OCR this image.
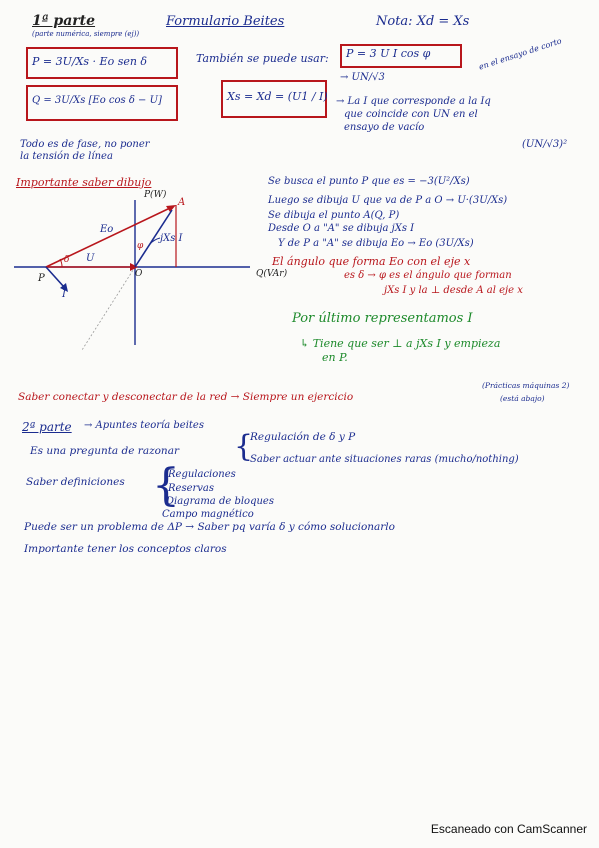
1ª parte
(parte numérica, siempre (ej))
Formulario Beites	Nota: Xd = Xs
P = 3U/Xs · Eo sen δ	También se puede usar: P = 3 U I cos φ
→ UN/√3
en el ensayo de corto
Q = 3U/Xs [Eo cos δ − U]	Xs = Xd = (U1 / I) → La I que corresponde a la Iq
que coincide con UN en el
ensayo de vacío
Todo es de fase, no poner
la tensión de línea
(UN/√3)²
Importante saber dibujo	Se busca el punto P que es = −3(U²/Xs)
Luego se dibuja U que va de P a O → U·(3U/Xs)
Se dibuja el punto A(Q, P)
Desde O a "A" se dibuja jXs I
Y de P a "A" se dibuja Eo → Eo (3U/Xs)
El ángulo que forma Eo con el eje x
es δ → φ es el ángulo que forman
jXs I y la ⊥ desde A al eje x
P(W)
Q(VAr)
A
Eo
U
jXs I
φ
δ
P	O
I
Por último representamos I
↳ Tiene que ser ⊥ a jXs I y empieza
en P.
Saber conectar y desconectar de la red → Siempre un ejercicio
(Prácticas máquinas 2)
(está abajo)
2ª parte → Apuntes teoría beites
Es una pregunta de razonar {
Regulación de δ y P
Saber actuar ante situaciones raras (mucho/nothing)
Saber definiciones {
Regulaciones
Reservas
Diagrama de bloques
Campo magnético
Puede ser un problema de ΔP → Saber pq varía δ y cómo solucionarlo
Importante tener los conceptos claros
Escaneado con CamScanner
